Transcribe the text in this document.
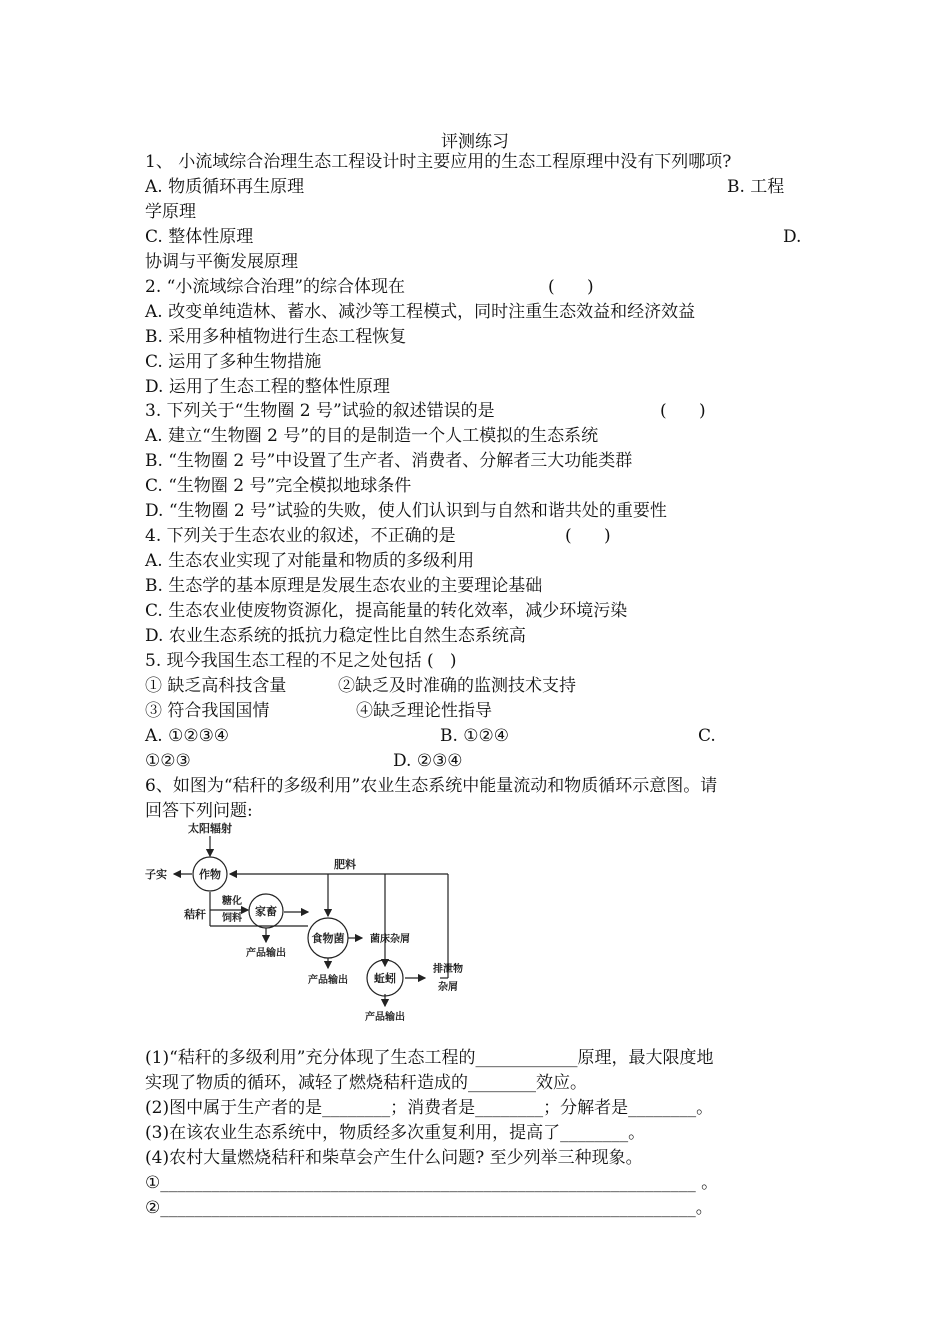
评测练习
1、 小流域综合治理生态工程设计时主要应用的生态工程原理中没有下列哪项?
A. 物质循环再生原理	B. 工程
学原理
C. 整体性原理	D.
协调与平衡发展原理
2. “小流域综合治理”的综合体现在	(      )
A. 改变单纯造林、蓄水、减沙等工程模式，同时注重生态效益和经济效益
B. 采用多种植物进行生态工程恢复
C. 运用了多种生物措施
D. 运用了生态工程的整体性原理
3. 下列关于“生物圈 2 号”试验的叙述错误的是	(      )
A. 建立“生物圈 2 号”的目的是制造一个人工模拟的生态系统
B. “生物圈 2 号”中设置了生产者、消费者、分解者三大功能类群
C. “生物圈 2 号”完全模拟地球条件
D. “生物圈 2 号”试验的失败，使人们认识到与自然和谐共处的重要性
4. 下列关于生态农业的叙述，不正确的是	(      )
A. 生态农业实现了对能量和物质的多级利用
B. 生态学的基本原理是发展生态农业的主要理论基础
C. 生态农业使废物资源化，提高能量的转化效率，减少环境污染
D. 农业生态系统的抵抗力稳定性比自然生态系统高
5. 现今我国生态工程的不足之处包括 (   )
① 缺乏高科技含量	②缺乏及时准确的监测技术支持
③ 符合我国国情	④缺乏理论性指导
A. ①②③④	B. ①②④	C.
①②③	D. ②③④
6、如图为“秸秆的多级利用”农业生态系统中能量流动和物质循环示意图。请
回答下列问题:
太阳辐射
作物
子实
肥料
秸秆
糖化
饲料
家畜
产品输出
食物菌	菌床杂屑
产品输出 蚯蚓
排泄物
杂屑
产品输出
(1)“秸秆的多级利用”充分体现了生态工程的____________原理，最大限度地
实现了物质的循环，减轻了燃烧秸秆造成的________效应。
(2)图中属于生产者的是________；消费者是________；分解者是________。
(3)在该农业生态系统中，物质经多次重复利用，提高了________。
(4)农村大量燃烧秸秆和柴草会产生什么问题? 至少列举三种现象。
①_______________________________________________________________ 。
②_______________________________________________________________。
